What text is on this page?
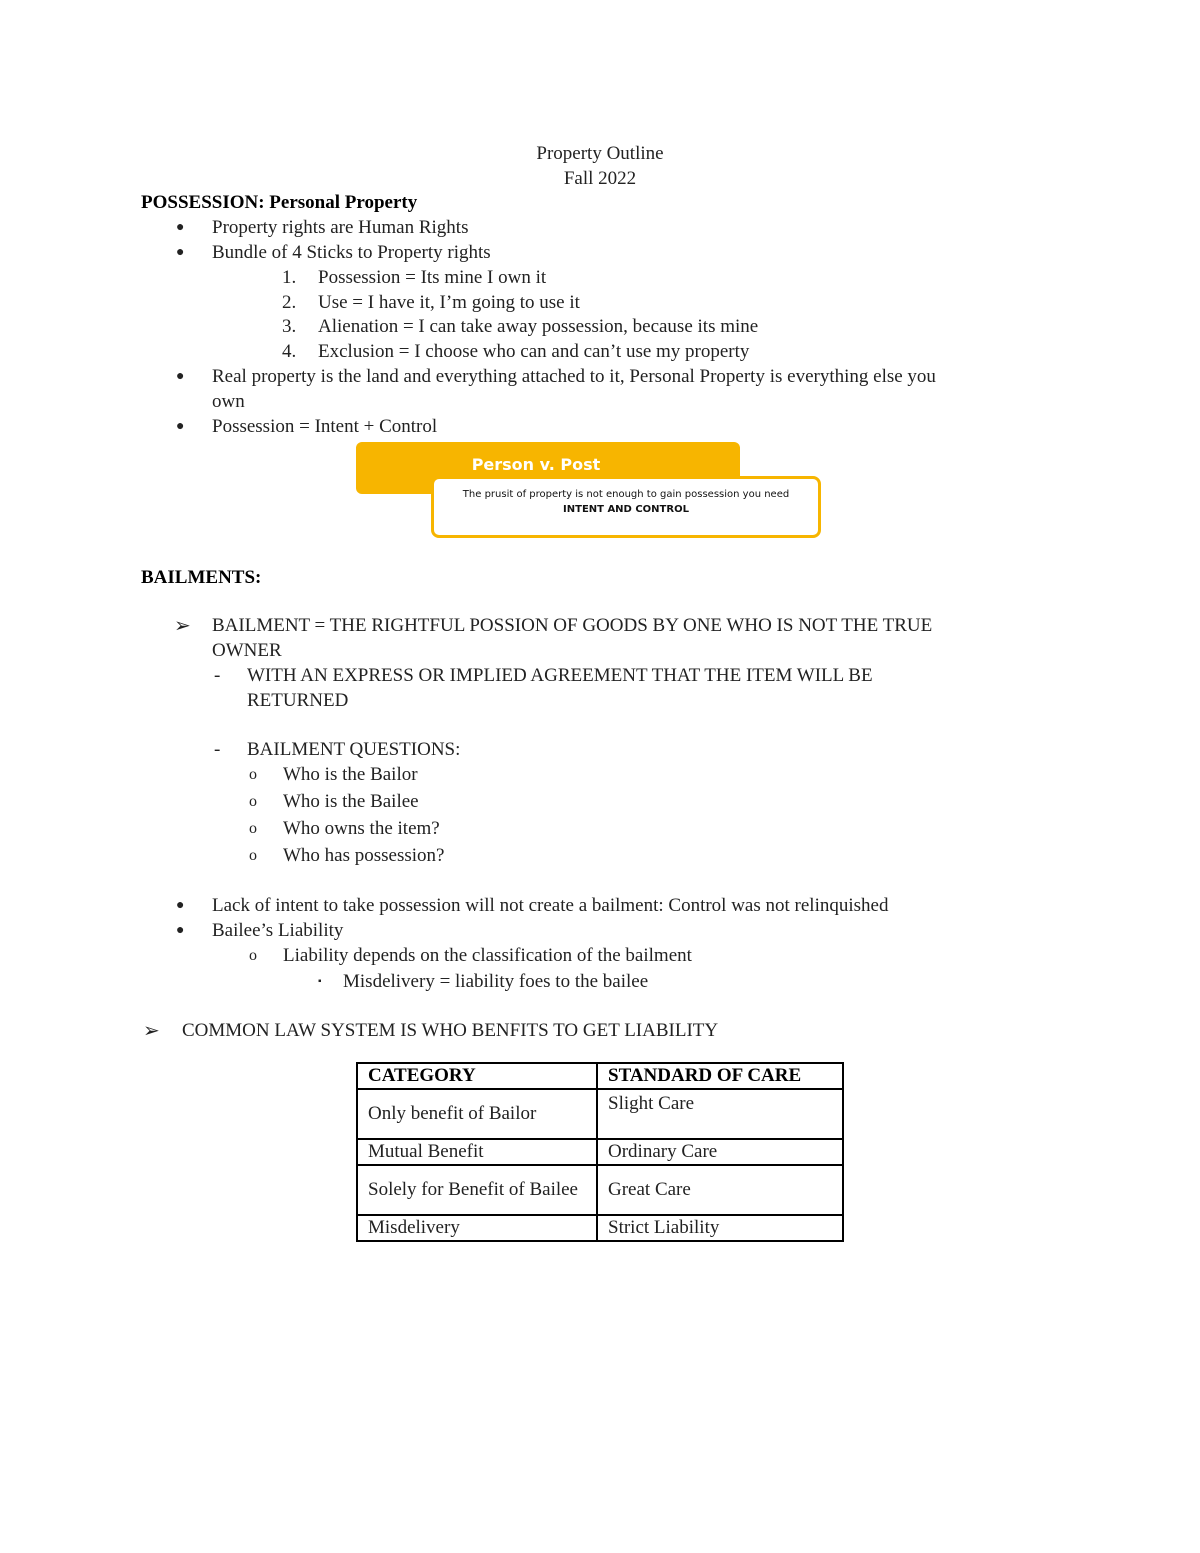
Property Outline
Fall 2022
POSSESSION: Personal Property
● Property rights are Human Rights
● Bundle of 4 Sticks to Property rights
1. Possession = Its mine I own it
2. Use = I have it, I’m going to use it
3. Alienation = I can take away possession, because its mine
4. Exclusion = I choose who can and can’t use my property
● Real property is the land and everything attached to it, Personal Property is everything else you
own
● Possession = Intent + Control
Person v. Post
The prusit of property is not enough to gain possession you need
INTENT AND CONTROL
BAILMENTS:
➢ BAILMENT = THE RIGHTFUL POSSION OF GOODS BY ONE WHO IS NOT THE TRUE
OWNER
- WITH AN EXPRESS OR IMPLIED AGREEMENT THAT THE ITEM WILL BE
RETURNED
- BAILMENT QUESTIONS:
o Who is the Bailor
o Who is the Bailee
o Who owns the item?
o Who has possession?
● Lack of intent to take possession will not create a bailment: Control was not relinquished
● Bailee’s Liability
o Liability depends on the classification of the bailment
▪ Misdelivery = liability foes to the bailee
➢ COMMON LAW SYSTEM IS WHO BENFITS TO GET LIABILITY
CATEGORY	STANDARD OF CARE
Only benefit of Bailor	Slight Care
Mutual Benefit	Ordinary Care
Solely for Benefit of Bailee	Great Care
Misdelivery	Strict Liability
